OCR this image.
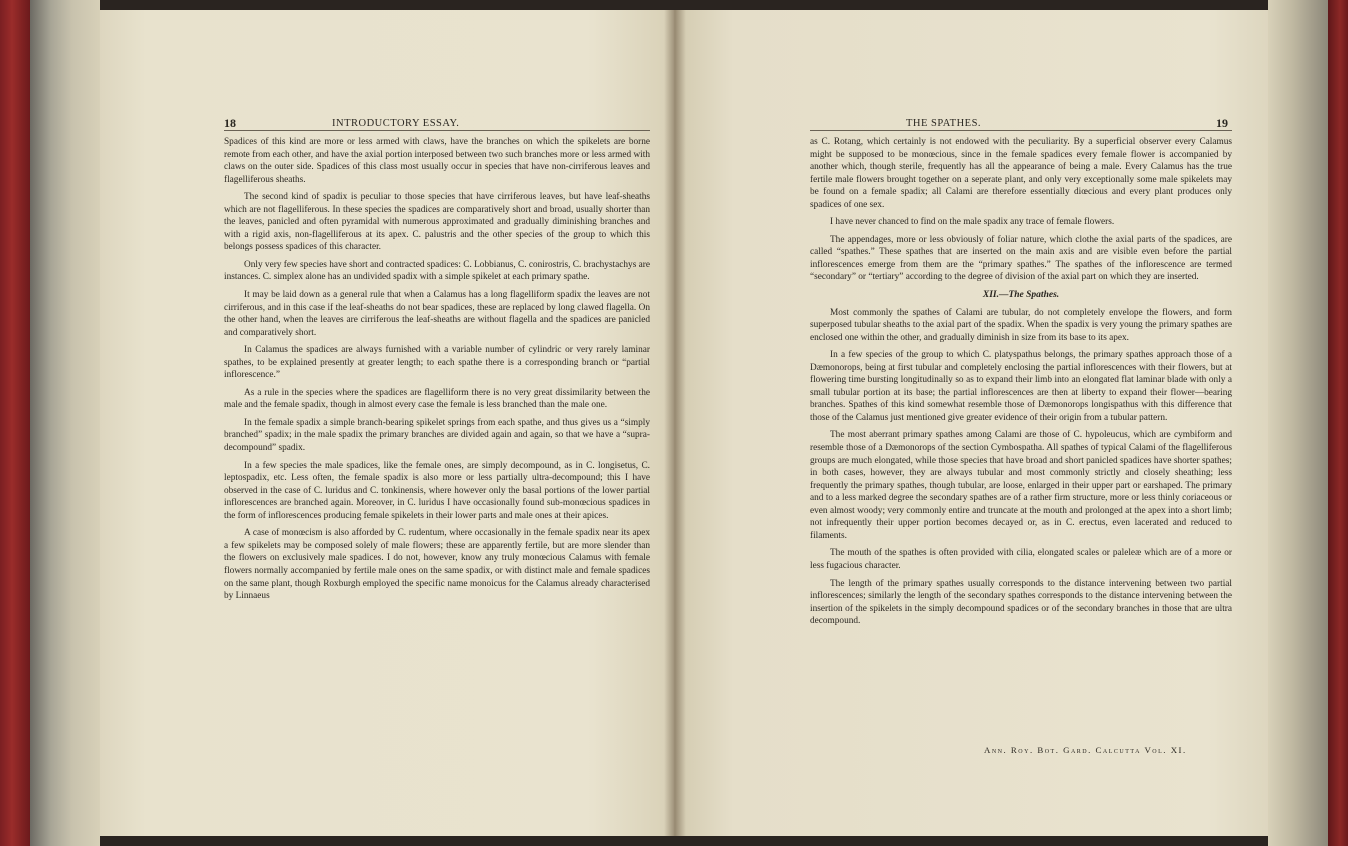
18	INTRODUCTORY ESSAY.

Spadices of this kind are more or less armed with claws, have the branches on which the spikelets are borne remote from each other, and have the axial portion interposed between two such branches more or less armed with claws on the outer side. Spadices of this class most usually occur in species that have non-cirriferous leaves and flagelliferous sheaths.

The second kind of spadix is peculiar to those species that have cirriferous leaves, but have leaf-sheaths which are not flagelliferous. In these species the spadices are comparatively short and broad, usually shorter than the leaves, panicled and often pyramidal with numerous approximated and gradually diminishing branches and with a rigid axis, non-flagelliferous at its apex. C. palustris and the other species of the group to which this belongs possess spadices of this character.

Only very few species have short and contracted spadices: C. Lobbianus, C. conirostris, C. brachystachys are instances. C. simplex alone has an undivided spadix with a simple spikelet at each primary spathe.

It may be laid down as a general rule that when a Calamus has a long flagelliform spadix the leaves are not cirriferous, and in this case if the leaf-sheaths do not bear spadices, these are replaced by long clawed flagella. On the other hand, when the leaves are cirriferous the leaf-sheaths are without flagella and the spadices are panicled and comparatively short.

In Calamus the spadices are always furnished with a variable number of cylindric or very rarely laminar spathes, to be explained presently at greater length; to each spathe there is a corresponding branch or “partial inflorescence.”

As a rule in the species where the spadices are flagelliform there is no very great dissimilarity between the male and the female spadix, though in almost every case the female is less branched than the male one.

In the female spadix a simple branch-bearing spikelet springs from each spathe, and thus gives us a “simply branched” spadix; in the male spadix the primary branches are divided again and again, so that we have a “supra-decompound” spadix.

In a few species the male spadices, like the female ones, are simply decompound, as in C. longisetus, C. leptospadix, etc. Less often, the female spadix is also more or less partially ultra-decompound; this I have observed in the case of C. luridus and C. tonkinensis, where however only the basal portions of the lower partial inflorescences are branched again. Moreover, in C. luridus I have occasionally found sub-monœcious spadices in the form of inflorescences producing female spikelets in their lower parts and male ones at their apices.

A case of monœcism is also afforded by C. rudentum, where occasionally in the female spadix near its apex a few spikelets may be composed solely of male flowers; these are apparently fertile, but are more slender than the flowers on exclusively male spadices. I do not, however, know any truly monœcious Calamus with female flowers normally accompanied by fertile male ones on the same spadix, or with distinct male and female spadices on the same plant, though Roxburgh employed the specific name monoicus for the Calamus already characterised by Linnaeus

THE SPATHES.	19

as C. Rotang, which certainly is not endowed with the peculiarity. By a superficial observer every Calamus might be supposed to be monœcious, since in the female spadices every female flower is accompanied by another which, though sterile, frequently has all the appearance of being a male. Every Calamus has the true fertile male flowers brought together on a seperate plant, and only very exceptionally some male spikelets may be found on a female spadix; all Calami are therefore essentially diœcious and every plant produces only spadices of one sex.

I have never chanced to find on the male spadix any trace of female flowers.

The appendages, more or less obviously of foliar nature, which clothe the axial parts of the spadices, are called “spathes.” These spathes that are inserted on the main axis and are visible even before the partial inflorescences emerge from them are the “primary spathes.” The spathes of the inflorescence are termed “secondary” or “tertiary” according to the degree of division of the axial part on which they are inserted.

XII.—The Spathes.

Most commonly the spathes of Calami are tubular, do not completely envelope the flowers, and form superposed tubular sheaths to the axial part of the spadix. When the spadix is very young the primary spathes are enclosed one within the other, and gradually diminish in size from its base to its apex.

In a few species of the group to which C. platyspathus belongs, the primary spathes approach those of a Dæmonorops, being at first tubular and completely enclosing the partial inflorescences with their flowers, but at flowering time bursting longitudinally so as to expand their limb into an elongated flat laminar blade with only a small tubular portion at its base; the partial inflorescences are then at liberty to expand their flower—bearing branches. Spathes of this kind somewhat resemble those of Dæmonorops longispathus with this difference that those of the Calamus just mentioned give greater evidence of their origin from a tubular pattern.

The most aberrant primary spathes among Calami are those of C. hypoleucus, which are cymbiform and resemble those of a Dæmonorops of the section Cymbospatha. All spathes of typical Calami of the flagelliferous groups are much elongated, while those species that have broad and short panicled spadices have shorter spathes; in both cases, however, they are always tubular and most commonly strictly and closely sheathing; less frequently the primary spathes, though tubular, are loose, enlarged in their upper part or earshaped. The primary and to a less marked degree the secondary spathes are of a rather firm structure, more or less thinly coriaceous or even almost woody; very commonly entire and truncate at the mouth and prolonged at the apex into a short limb; not infrequently their upper portion becomes decayed or, as in C. erectus, even lacerated and reduced to filaments.

The mouth of the spathes is often provided with cilia, elongated scales or paleleæ which are of a more or less fugacious character.

The length of the primary spathes usually corresponds to the distance intervening between two partial inflorescences; similarly the length of the secondary spathes corresponds to the distance intervening between the insertion of the spikelets in the simply decompound spadices or of the secondary branches in those that are ultra decompound.

Ann. Roy. Bot. Gard. Calcutta Vol. XI.
